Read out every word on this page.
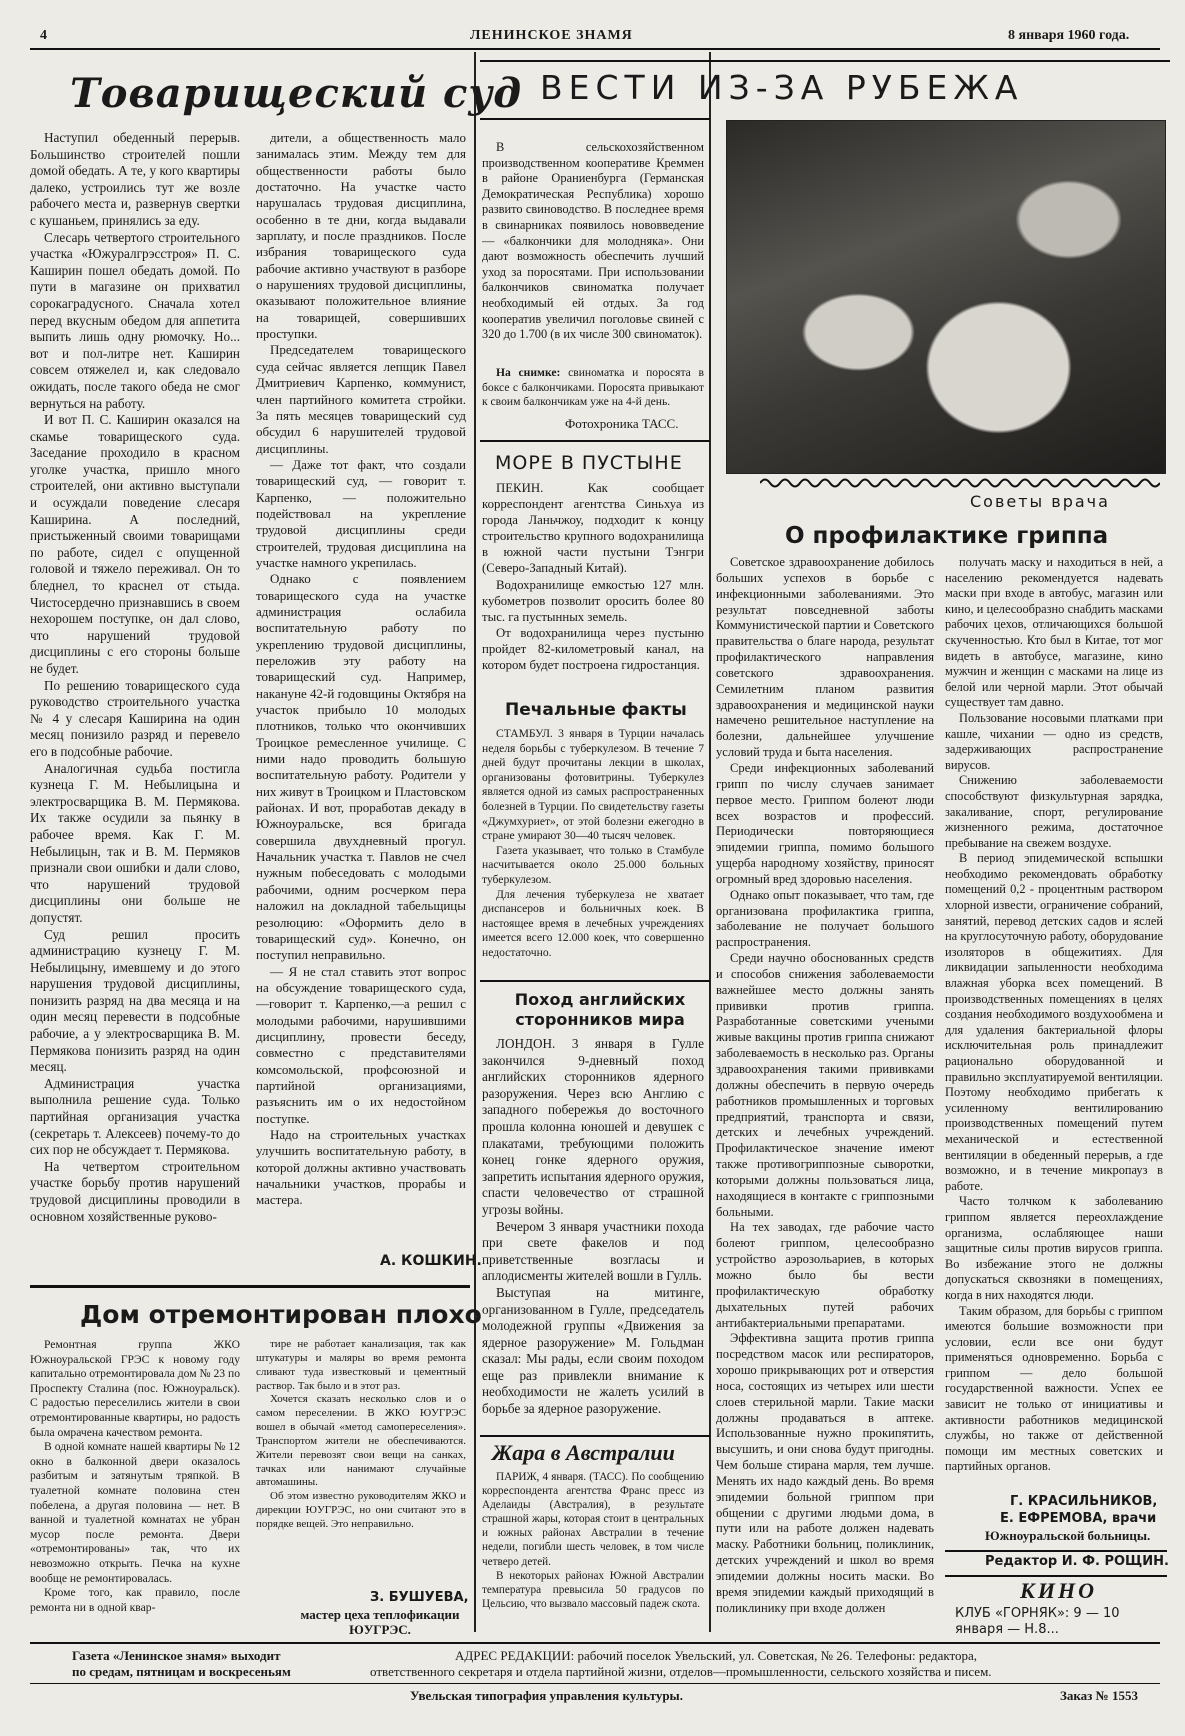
4	ЛЕНИНСКОЕ ЗНАМЯ	8 января 1960 года.
Товарищеский суд

Наступил обеденный перерыв. Большинство строителей пошли домой обедать. А те, у кого квартиры далеко, устроились тут же возле рабочего места и, развернув свертки с кушаньем, принялись за еду.

Слесарь четвертого строительного участка «Южуралгрэсстроя» П. С. Каширин пошел обедать домой. По пути в магазине он прихватил сорокаградусного. Сначала хотел перед вкусным обедом для аппетита выпить лишь одну рюмочку. Но... вот и пол-литре нет. Каширин совсем отяжелел и, как следовало ожидать, после такого обеда не смог вернуться на работу.

И вот П. С. Каширин оказался на скамье товарищеского суда. Заседание проходило в красном уголке участка, пришло много строителей, они активно выступали и осуждали поведение слесаря Каширина. А последний, пристыженный своими товарищами по работе, сидел с опущенной головой и тяжело переживал. Он то бледнел, то краснел от стыда. Чистосердечно признавшись в своем нехорошем поступке, он дал слово, что нарушений трудовой дисциплины с его стороны больше не будет.

По решению товарищеского суда руководство строительного участка № 4 у слесаря Каширина на один месяц понизило разряд и перевело его в подсобные рабочие.

Аналогичная судьба постигла кузнеца Г. М. Небылицына и электросварщика В. М. Пермякова. Их также осудили за пьянку в рабочее время. Как Г. М. Небылицын, так и В. М. Пермяков признали свои ошибки и дали слово, что нарушений трудовой дисциплины они больше не допустят.

Суд решил просить администрацию кузнецу Г. М. Небылицыну, имевшему и до этого нарушения трудовой дисциплины, понизить разряд на два месяца и на один месяц перевести в подсобные рабочие, а у электросварщика В. М. Пермякова понизить разряд на один месяц.

Администрация участка выполнила решение суда. Только партийная организация участка (секретарь т. Алексеев) почему-то до сих пор не обсуждает т. Пермякова.

На четвертом строительном участке борьбу против нарушений трудовой дисциплины проводили в основном хозяйственные руково-

дители, а общественность мало занималась этим. Между тем для общественности работы было достаточно. На участке часто нарушалась трудовая дисциплина, особенно в те дни, когда выдавали зарплату, и после праздников. После избрания товарищеского суда рабочие активно участвуют в разборе о нарушениях трудовой дисциплины, оказывают положительное влияние на товарищей, совершивших проступки.

Председателем товарищеского суда сейчас является лепщик Павел Дмитриевич Карпенко, коммунист, член партийного комитета стройки. За пять месяцев товарищеский суд обсудил 6 нарушителей трудовой дисциплины.

— Даже тот факт, что создали товарищеский суд, — говорит т. Карпенко, — положительно подействовал на укрепление трудовой дисциплины среди строителей, трудовая дисциплина на участке намного укрепилась.

Однако с появлением товарищеского суда на участке администрация ослабила воспитательную работу по укреплению трудовой дисциплины, переложив эту работу на товарищеский суд. Например, накануне 42-й годовщины Октября на участок прибыло 10 молодых плотников, только что окончивших Троицкое ремесленное училище. С ними надо проводить большую воспитательную работу. Родители у них живут в Троицком и Пластовском районах. И вот, проработав декаду в Южноуральске, вся бригада совершила двухдневный прогул. Начальник участка т. Павлов не счел нужным побеседовать с молодыми рабочими, одним росчерком пера наложил на докладной табельщицы резолюцию: «Оформить дело в товарищеский суд». Конечно, он поступил неправильно.

— Я не стал ставить этот вопрос на обсуждение товарищеского суда,—говорит т. Карпенко,—а решил с молодыми рабочими, нарушившими дисциплину, провести беседу, совместно с представителями комсомольской, профсоюзной и партийной организациями, разъяснить им о их недостойном поступке.

Надо на строительных участках улучшить воспитательную работу, в которой должны активно участвовать начальники участков, прорабы и мастера.

А. КОШКИН.
Дом отремонтирован плохо

Ремонтная группа ЖКО Южноуральской ГРЭС к новому году капитально отремонтировала дом № 23 по Проспекту Сталина (пос. Южноуральск). С радостью переселились жители в свои отремонтированные квартиры, но радость была омрачена качеством ремонта.

В одной комнате нашей квартиры № 12 окно в балконной двери оказалось разбитым и затянутым тряпкой. В туалетной комнате половина стен побелена, а другая половина — нет. В ванной и туалетной комнатах не убран мусор после ремонта. Двери «отремонтированы» так, что их невозможно открыть. Печка на кухне вообще не ремонтировалась.

Кроме того, как правило, после ремонта ни в одной квар-

тире не работает канализация, так как штукатуры и маляры во время ремонта сливают туда известковый и цементный раствор. Так было и в этот раз.

Хочется сказать несколько слов и о самом переселении. В ЖКО ЮУГРЭС вошел в обычай «метод самопереселения». Транспортом жители не обеспечиваются. Жители перевозят свои вещи на санках, тачках или нанимают случайные автомашины.

Об этом известно руководителям ЖКО и дирекции ЮУГРЭС, но они считают это в порядке вещей. Это неправильно.

З. БУШУЕВА,
мастер цеха теплофикации ЮУГРЭС.
ВЕСТИ ИЗ-ЗА РУБЕЖА

В сельскохозяйственном производственном кооперативе Креммен в районе Ораниенбурга (Германская Демократическая Республика) хорошо развито свиноводство. В последнее время в свинарниках появилось нововведение — «балкончики для молодняка». Они дают возможность обеспечить лучший уход за поросятами. При использовании балкончиков свиноматка получает необходимый ей отдых. За год кооператив увеличил поголовье свиней с 320 до 1.700 (в их числе 300 свиноматок).

На снимке: свиноматка и поросята в боксе с балкончиками. Поросята привыкают к своим балкончикам уже на 4-й день.

Фотохроника ТАСС.
МОРЕ В ПУСТЫНЕ

ПЕКИН. Как сообщает корреспондент агентства Синьхуа из города Ланьчжоу, подходит к концу строительство крупного водохранилища в южной части пустыни Тэнгри (Северо-Западный Китай).

Водохранилище емкостью 127 млн. кубометров позволит оросить более 80 тыс. га пустынных земель.

От водохранилища через пустыню пройдет 82-километровый канал, на котором будет построена гидростанция.

Печальные факты

СТАМБУЛ. 3 января в Турции началась неделя борьбы с туберкулезом. В течение 7 дней будут прочитаны лекции в школах, организованы фотовитрины. Туберкулез является одной из самых распространенных болезней в Турции. По свидетельству газеты «Джумхуриет», от этой болезни ежегодно в стране умирают 30—40 тысяч человек.

Газета указывает, что только в Стамбуле насчитывается около 25.000 больных туберкулезом.

Для лечения туберкулеза не хватает диспансеров и больничных коек. В настоящее время в лечебных учреждениях имеется всего 12.000 коек, что совершенно недостаточно.

Поход английских сторонников мира

ЛОНДОН. 3 января в Гулле закончился 9-дневный поход английских сторонников ядерного разоружения. Через всю Англию с западного побережья до восточного прошла колонна юношей и девушек с плакатами, требующими положить конец гонке ядерного оружия, запретить испытания ядерного оружия, спасти человечество от страшной угрозы войны.

Вечером 3 января участники похода при свете факелов и под приветственные возгласы и аплодисменты жителей вошли в Гулль.

Выступая на митинге, организованном в Гулле, председатель молодежной группы «Движения за ядерное разоружение» М. Гольдман сказал: Мы рады, если своим походом еще раз привлекли внимание к необходимости не жалеть усилий в борьбе за ядерное разоружение.

Жара в Австралии

ПАРИЖ, 4 января. (ТАСС). По сообщению корреспондента агентства Франс пресс из Аделаиды (Австралия), в результате страшной жары, которая стоит в центральных и южных районах Австралии в течение недели, погибли шесть человек, в том числе четверо детей.

В некоторых районах Южной Австралии температура превысила 50 градусов по Цельсию, что вызвало массовый падеж скота.

Советы врача
О профилактике гриппа

Советское здравоохранение добилось больших успехов в борьбе с инфекционными заболеваниями. Это результат повседневной заботы Коммунистической партии и Советского правительства о благе народа, результат профилактического направления советского здравоохранения. Семилетним планом развития здравоохранения и медицинской науки намечено решительное наступление на болезни, дальнейшее улучшение условий труда и быта населения.

Среди инфекционных заболеваний грипп по числу случаев занимает первое место. Гриппом болеют люди всех возрастов и профессий. Периодически повторяющиеся эпидемии гриппа, помимо большого ущерба народному хозяйству, приносят огромный вред здоровью населения.

Однако опыт показывает, что там, где организована профилактика гриппа, заболевание не получает большого распространения.

Среди научно обоснованных средств и способов снижения заболеваемости важнейшее место должны занять прививки против гриппа. Разработанные советскими учеными живые вакцины против гриппа снижают заболеваемость в несколько раз. Органы здравоохранения такими прививками должны обеспечить в первую очередь работников промышленных и торговых предприятий, транспорта и связи, детских и лечебных учреждений. Профилактическое значение имеют также противогриппозные сыворотки, которыми должны пользоваться лица, находящиеся в контакте с гриппозными больными.

На тех заводах, где рабочие часто болеют гриппом, целесообразно устройство аэрозольариев, в которых можно было бы вести профилактическую обработку дыхательных путей рабочих антибактериальными препаратами.

Эффективна защита против гриппа посредством масок или респираторов, хорошо прикрывающих рот и отверстия носа, состоящих из четырех или шести слоев стерильной марли. Такие маски должны продаваться в аптеке. Использованные нужно прокипятить, высушить, и они снова будут пригодны. Чем больше стирана марля, тем лучше. Менять их надо каждый день. Во время эпидемии больной гриппом при общении с другими людьми дома, в пути или на работе должен надевать маску. Работники больниц, поликлиник, детских учреждений и школ во время эпидемии должны носить маски. Во время эпидемии каждый приходящий в поликлинику при входе должен

получать маску и находиться в ней, а населению рекомендуется надевать маски при входе в автобус, магазин или кино, и целесообразно снабдить масками рабочих цехов, отличающихся большой скученностью. Кто был в Китае, тот мог видеть в автобусе, магазине, кино мужчин и женщин с масками на лице из белой или черной марли. Этот обычай существует там давно.

Пользование носовыми платками при кашле, чихании — одно из средств, задерживающих распространение вирусов.

Снижению заболеваемости способствуют физкультурная зарядка, закаливание, спорт, регулирование жизненного режима, достаточное пребывание на свежем воздухе.

В период эпидемической вспышки необходимо рекомендовать обработку помещений 0,2 - процентным раствором хлорной извести, ограничение собраний, занятий, перевод детских садов и яслей на круглосуточную работу, оборудование изоляторов в общежитиях. Для ликвидации запыленности необходима влажная уборка всех помещений. В производственных помещениях в целях создания необходимого воздухообмена и для удаления бактериальной флоры исключительная роль принадлежит рационально оборудованной и правильно эксплуатируемой вентиляции. Поэтому необходимо прибегать к усиленному вентилированию производственных помещений путем механической и естественной вентиляции в обеденный перерыв, а где возможно, и в течение микропауз в работе.

Часто толчком к заболеванию гриппом является переохлаждение организма, ослабляющее наши защитные силы против вирусов гриппа. Во избежание этого не должны допускаться сквозняки в помещениях, когда в них находятся люди.

Таким образом, для борьбы с гриппом имеются большие возможности при условии, если все они будут применяться одновременно. Борьба с гриппом — дело большой государственной важности. Успех ее зависит не только от инициативы и активности работников медицинской службы, но также от действенной помощи им местных советских и партийных органов.

Г. КРАСИЛЬНИКОВ,
Е. ЕФРЕМОВА, врачи
Южноуральской больницы.
Редактор И. Ф. РОЩИН.
КИНО
КЛУБ «ГОРНЯК»: 9 — 10
января — Н.8...
Газета «Ленинское знамя» выходит
по средам, пятницам и воскресеньям
АДРЕС РЕДАКЦИИ: рабочий поселок Увельский, ул. Советская, № 26. Телефоны: редактора,
ответственного секретаря и отдела партийной жизни, отделов—промышленности, сельского хозяйства и писем.
Увельская типография управления культуры.	Заказ № 1553
